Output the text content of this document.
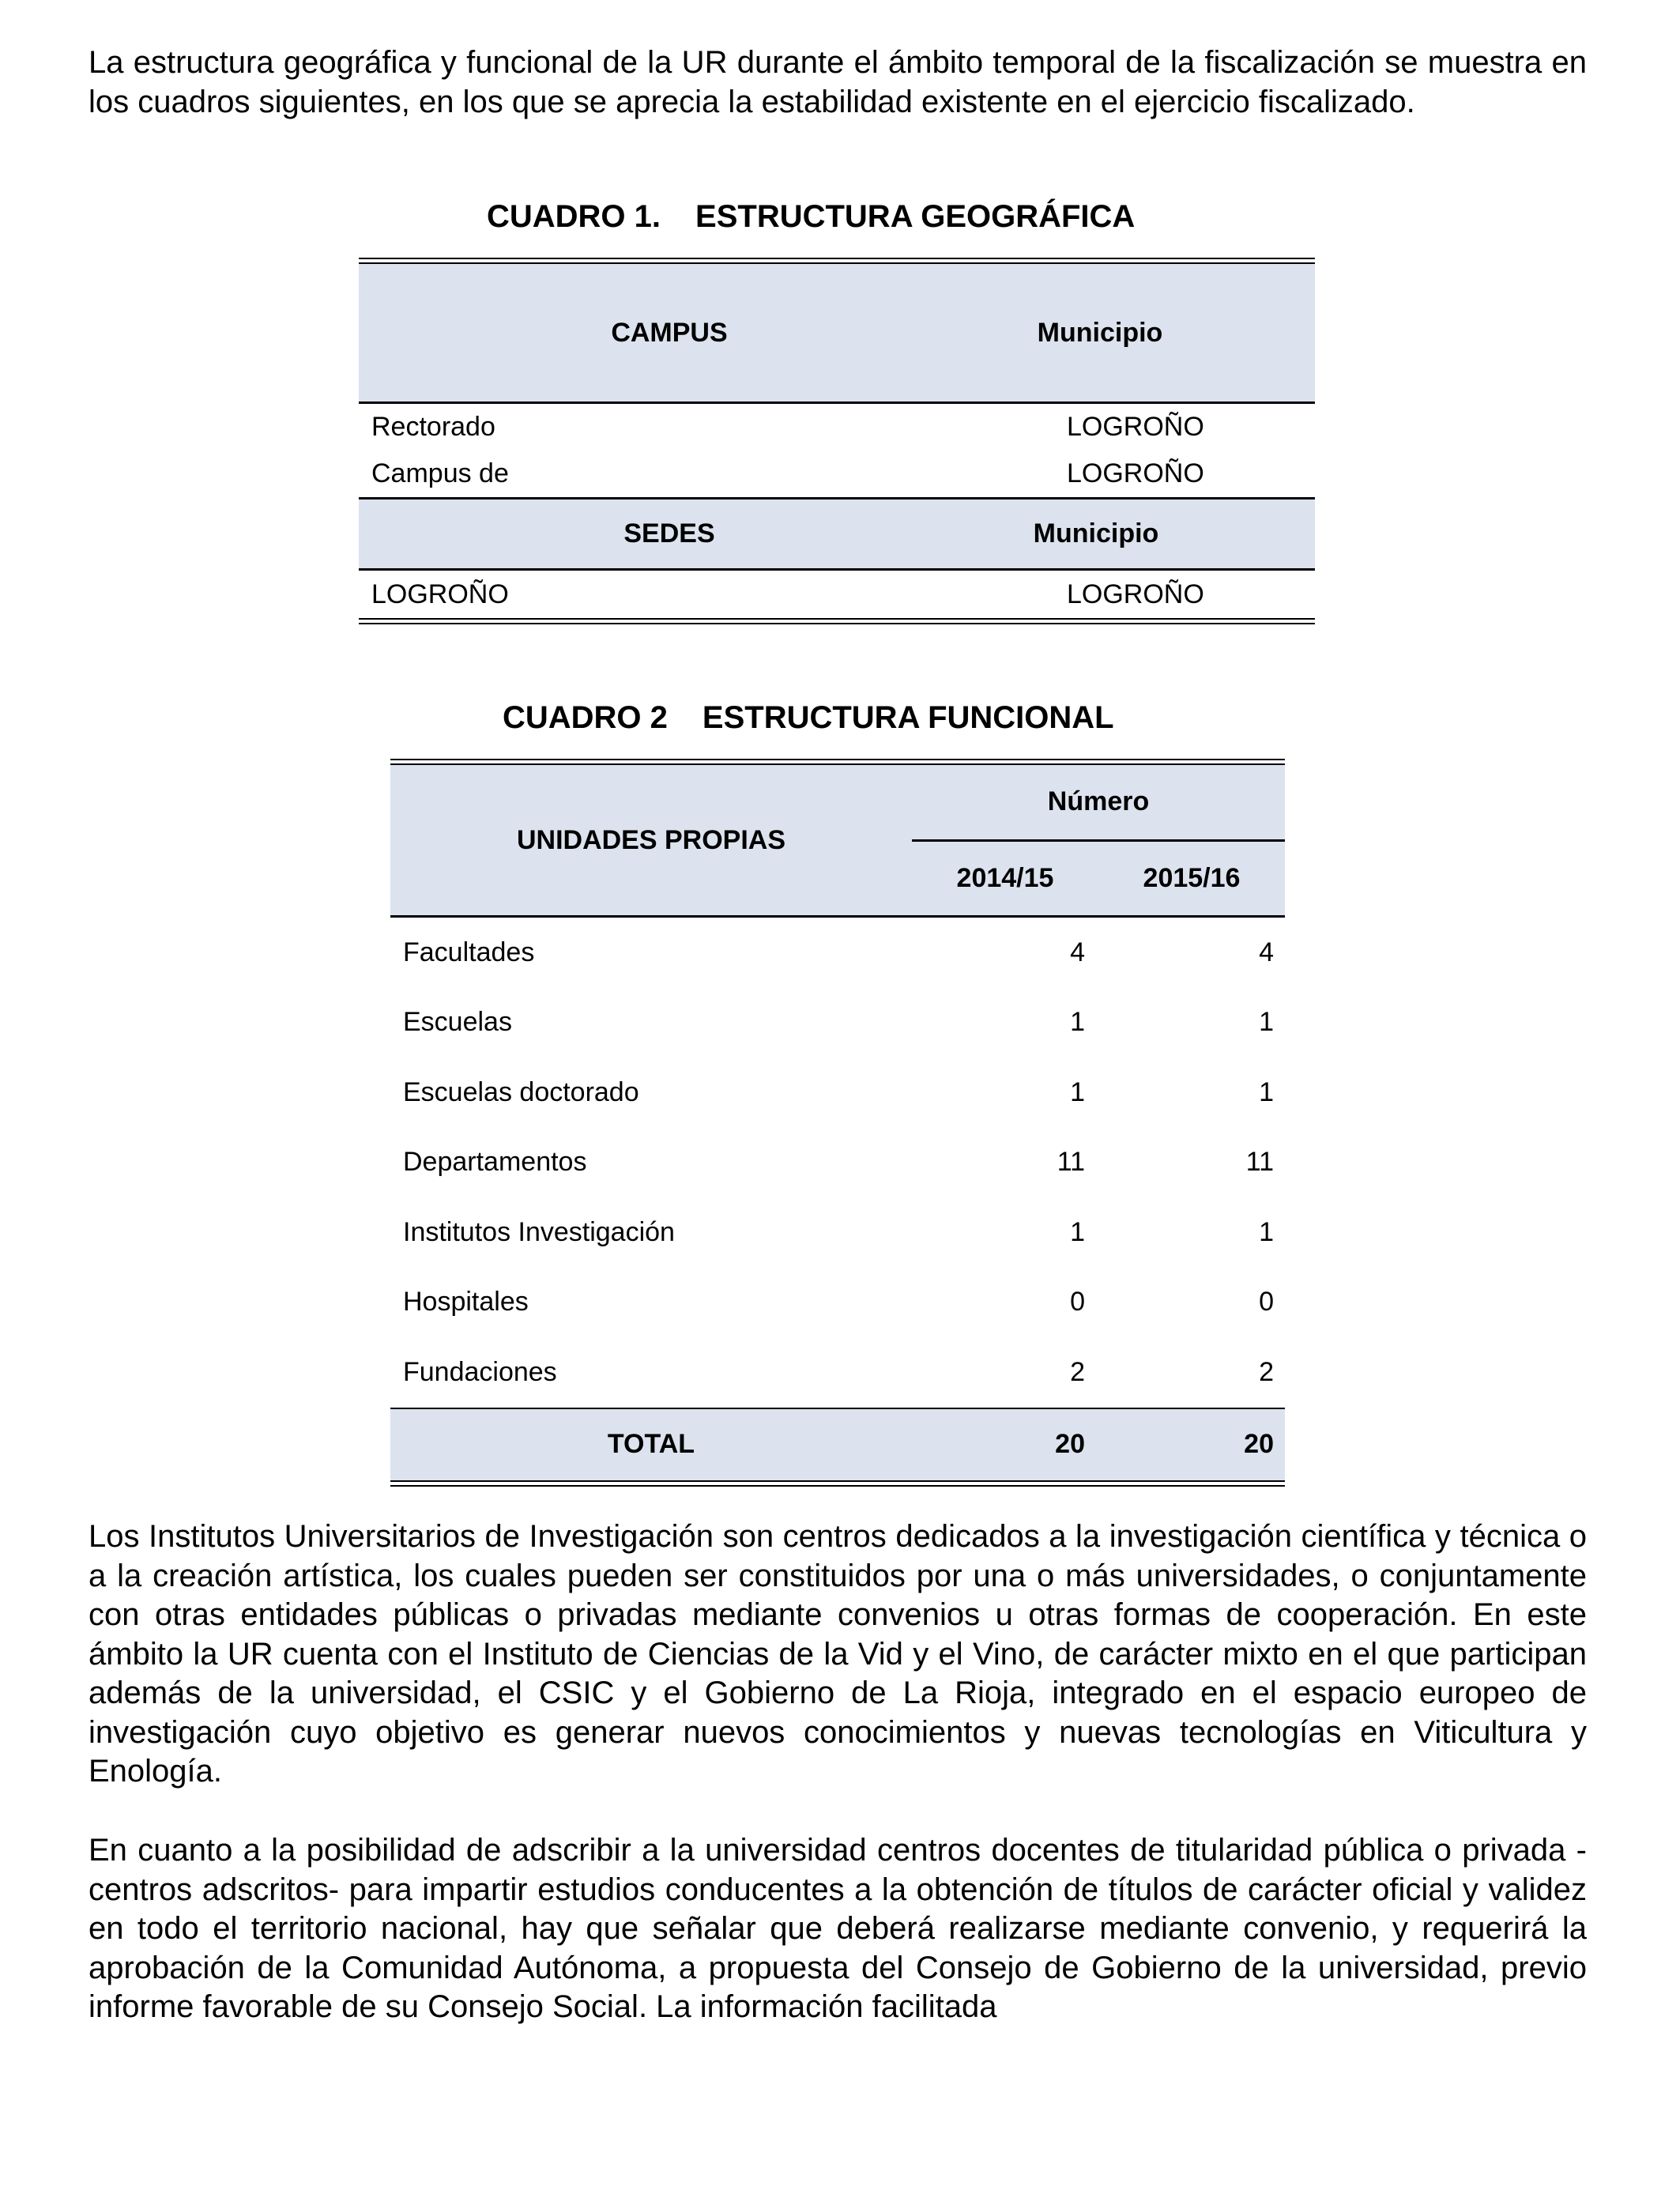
La estructura geográfica y funcional de la UR durante el ámbito temporal de la fiscalización se muestra en los cuadros siguientes, en los que se aprecia la estabilidad existente en el ejercicio fiscalizado.

CUADRO 1. ESTRUCTURA GEOGRÁFICA
CAMPUS	Municipio
Rectorado	LOGROÑO
Campus de	LOGROÑO
SEDES	Municipio
LOGROÑO	LOGROÑO
CUADRO 2 ESTRUCTURA FUNCIONAL
UNIDADES PROPIAS
Número
2014/15	2015/16
Facultades	4	4
Escuelas	1	1
Escuelas doctorado	1	1
Departamentos	11	11
Institutos Investigación	1	1
Hospitales	0	0
Fundaciones	2	2
TOTAL	20	20

Los Institutos Universitarios de Investigación son centros dedicados a la investigación científica y técnica o a la creación artística, los cuales pueden ser constituidos por una o más universidades, o conjuntamente con otras entidades públicas o privadas mediante convenios u otras formas de cooperación. En este ámbito la UR cuenta con el Instituto de Ciencias de la Vid y el Vino, de carácter mixto en el que participan además de la universidad, el CSIC y el Gobierno de La Rioja, integrado en el espacio europeo de investigación cuyo objetivo es generar nuevos conocimientos y nuevas tecnologías en Viticultura y Enología.

En cuanto a la posibilidad de adscribir a la universidad centros docentes de titularidad pública o privada -centros adscritos- para impartir estudios conducentes a la obtención de títulos de carácter oficial y validez en todo el territorio nacional, hay que señalar que deberá realizarse mediante convenio, y requerirá la aprobación de la Comunidad Autónoma, a propuesta del Consejo de Gobierno de la universidad, previo informe favorable de su Consejo Social. La información facilitada
